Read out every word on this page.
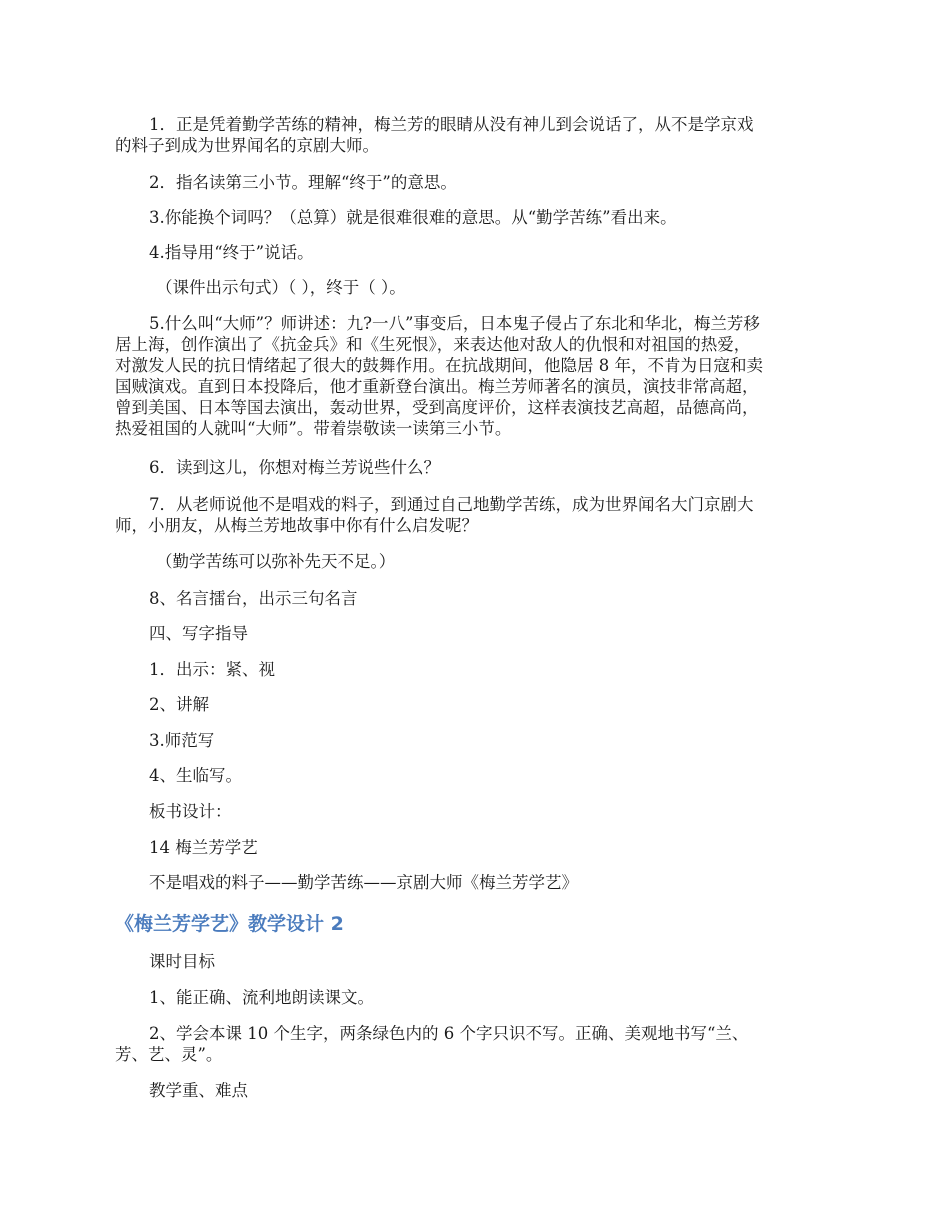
1．正是凭着勤学苦练的精神，梅兰芳的眼睛从没有神儿到会说话了，从不是学京戏
的料子到成为世界闻名的京剧大师。
2．指名读第三小节。理解“终于”的意思。
3.你能换个词吗？（总算）就是很难很难的意思。从“勤学苦练”看出来。
4.指导用“终于”说话。
（课件出示句式）（ ），终于（ ）。
5.什么叫“大师”？师讲述：九?一八”事变后，日本鬼子侵占了东北和华北，梅兰芳移
居上海，创作演出了《抗金兵》和《生死恨》，来表达他对敌人的仇恨和对祖国的热爱，
对激发人民的抗日情绪起了很大的鼓舞作用。在抗战期间，他隐居 8 年，不肯为日寇和卖
国贼演戏。直到日本投降后，他才重新登台演出。梅兰芳师著名的演员，演技非常高超，
曾到美国、日本等国去演出，轰动世界，受到高度评价，这样表演技艺高超，品德高尚，
热爱祖国的人就叫“大师”。带着崇敬读一读第三小节。
6．读到这儿，你想对梅兰芳说些什么？
7．从老师说他不是唱戏的料子，到通过自己地勤学苦练，成为世界闻名大门京剧大
师，小朋友，从梅兰芳地故事中你有什么启发呢？
（勤学苦练可以弥补先天不足。）
8、名言擂台，出示三句名言
四、写字指导
1．出示：紧、视
2、讲解
3.师范写
4、生临写。
板书设计：
14 梅兰芳学艺
不是唱戏的料子——勤学苦练——京剧大师《梅兰芳学艺》
《梅兰芳学艺》教学设计 2
课时目标
1、能正确、流利地朗读课文。
2、学会本课 10 个生字，两条绿色内的 6 个字只识不写。正确、美观地书写“兰、
芳、艺、灵”。
教学重、难点
